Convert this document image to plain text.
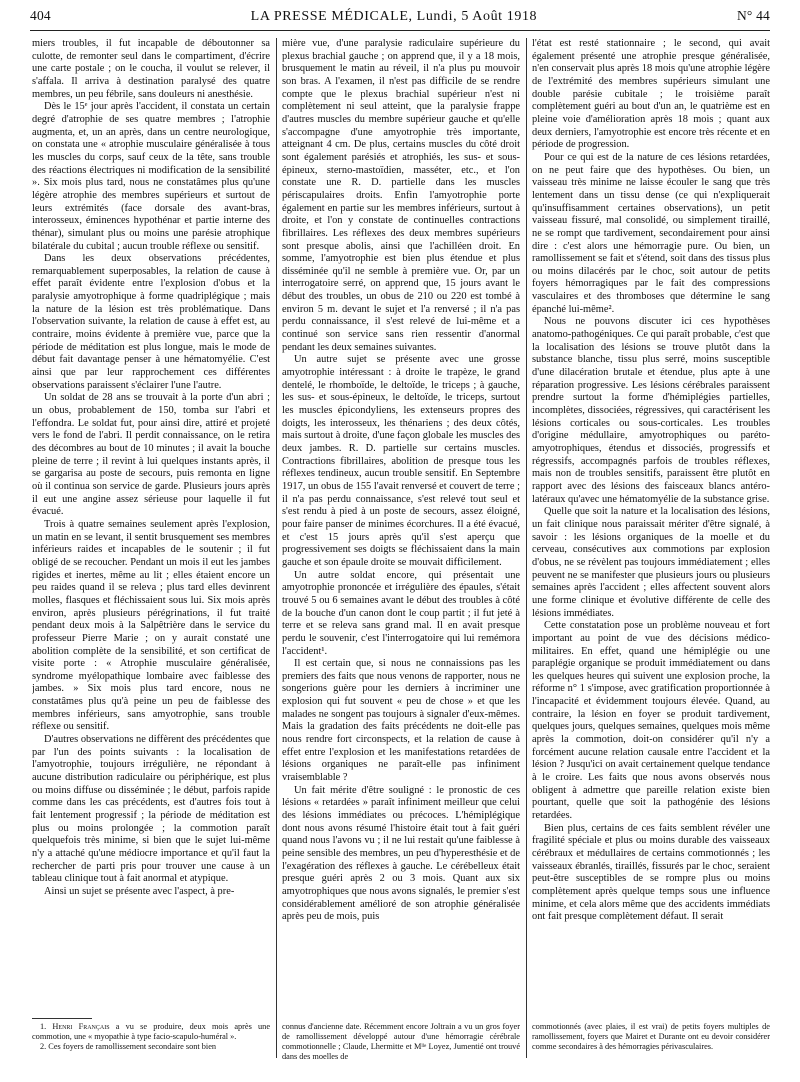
404	LA PRESSE MÉDICALE, Lundi, 5 Août 1918	N° 44

miers troubles, il fut incapable de déboutonner sa culotte, de remonter seul dans le compartiment, d'écrire une carte postale ; on le coucha, il voulut se relever, il s'affala. Il arriva à destination paralysé des quatre membres, un peu fébrile, sans douleurs ni anesthésie.

Dès le 15ᵉ jour après l'accident, il constata un certain degré d'atrophie de ses quatre membres ; l'atrophie augmenta, et, un an après, dans un centre neurologique, on constata une « atrophie musculaire généralisée à tous les muscles du corps, sauf ceux de la tête, sans trouble des réactions électriques ni modification de la sensibilité ». Six mois plus tard, nous ne constatâmes plus qu'une légère atrophie des membres supérieurs et surtout de leurs extrémités (face dorsale des avant-bras, interosseux, éminences hypothénar et partie interne des thénar), simulant plus ou moins une parésie atrophique bilatérale du cubital ; aucun trouble réflexe ou sensitif.

Dans les deux observations précédentes, remarquablement superposables, la relation de cause à effet paraît évidente entre l'explosion d'obus et la paralysie amyotrophique à forme quadriplégique ; mais la nature de la lésion est très problématique. Dans l'observation suivante, la relation de cause à effet est, au contraire, moins évidente à première vue, parce que la période de méditation est plus longue, mais le mode de début fait davantage penser à une hématomyélie. C'est ainsi que par leur rapprochement ces différentes observations paraissent s'éclairer l'une l'autre.

Un soldat de 28 ans se trouvait à la porte d'un abri ; un obus, probablement de 150, tomba sur l'abri et l'effondra. Le soldat fut, pour ainsi dire, attiré et projeté vers le fond de l'abri. Il perdit connaissance, on le retira des décombres au bout de 10 minutes ; il avait la bouche pleine de terre ; il revint à lui quelques instants après, il se gargarisa au poste de secours, puis remonta en ligne où il continua son service de garde. Plusieurs jours après il eut une angine assez sérieuse pour laquelle il fut évacué.

Trois à quatre semaines seulement après l'explosion, un matin en se levant, il sentit brusquement ses membres inférieurs raides et incapables de le soutenir ; il fut obligé de se recoucher. Pendant un mois il eut les jambes rigides et inertes, même au lit ; elles étaient encore un peu raides quand il se releva ; plus tard elles devinrent molles, flasques et fléchissaient sous lui. Six mois après environ, après plusieurs pérégrinations, il fut traité pendant deux mois à la Salpêtrière dans le service du professeur Pierre Marie ; on y aurait constaté une abolition complète de la sensibilité, et son certificat de visite porte : « Atrophie musculaire généralisée, syndrome myélopathique lombaire avec faiblesse des jambes. » Six mois plus tard encore, nous ne constatâmes plus qu'à peine un peu de faiblesse des membres inférieurs, sans amyotrophie, sans trouble réflexe ou sensitif.

D'autres observations ne diffèrent des précédentes que par l'un des points suivants : la localisation de l'amyotrophie, toujours irrégulière, ne répondant à aucune distribution radiculaire ou périphérique, est plus ou moins diffuse ou disséminée ; le début, parfois rapide comme dans les cas précédents, est d'autres fois tout à fait lentement progressif ; la période de méditation est plus ou moins prolongée ; la commotion paraît quelquefois très minime, si bien que le sujet lui-même n'y a attaché qu'une médiocre importance et qu'il faut la rechercher de parti pris pour trouver une cause à un tableau clinique tout à fait anormal et atypique.

Ainsi un sujet se présente avec l'aspect, à pre-

mière vue, d'une paralysie radiculaire supérieure du plexus brachial gauche ; on apprend que, il y a 18 mois, brusquement le matin au réveil, il n'a plus pu mouvoir son bras. A l'examen, il n'est pas difficile de se rendre compte que le plexus brachial supérieur n'est ni complètement ni seul atteint, que la paralysie frappe d'autres muscles du membre supérieur gauche et qu'elle s'accompagne d'une amyotrophie très importante, atteignant 4 cm. De plus, certains muscles du côté droit sont également parésiés et atrophiés, les sus- et sous-épineux, sterno-mastoïdien, masséter, etc., et l'on constate une R. D. partielle dans les muscles périscapulaires droits. Enfin l'amyotrophie porte également en partie sur les membres inférieurs, surtout à droite, et l'on y constate de continuelles contractions fibrillaires. Les réflexes des deux membres supérieurs sont presque abolis, ainsi que l'achilléen droit. En somme, l'amyotrophie est bien plus étendue et plus disséminée qu'il ne semble à première vue. Or, par un interrogatoire serré, on apprend que, 15 jours avant le début des troubles, un obus de 210 ou 220 est tombé à environ 5 m. devant le sujet et l'a renversé ; il n'a pas perdu connaissance, il s'est relevé de lui-même et a continué son service sans rien ressentir d'anormal pendant les deux semaines suivantes.

Un autre sujet se présente avec une grosse amyotrophie intéressant : à droite le trapèze, le grand dentelé, le rhomboïde, le deltoïde, le triceps ; à gauche, les sus- et sous-épineux, le deltoïde, le triceps, surtout les muscles épicondyliens, les extenseurs propres des doigts, les interosseux, les thénariens ; des deux côtés, mais surtout à droite, d'une façon globale les muscles des deux jambes. R. D. partielle sur certains muscles. Contractions fibrillaires, abolition de presque tous les réflexes tendineux, aucun trouble sensitif. En Septembre 1917, un obus de 155 l'avait renversé et couvert de terre ; il n'a pas perdu connaissance, s'est relevé tout seul et s'est rendu à pied à un poste de secours, assez éloigné, pour faire panser de minimes écorchures. Il a été évacué, et c'est 15 jours après qu'il s'est aperçu que progressivement ses doigts se fléchissaient dans la main gauche et son épaule droite se mouvait difficilement.

Un autre soldat encore, qui présentait une amyotrophie prononcée et irrégulière des épaules, s'était trouvé 5 ou 6 semaines avant le début des troubles à côté de la bouche d'un canon dont le coup partit ; il fut jeté à terre et se releva sans grand mal. Il en avait presque perdu le souvenir, c'est l'interrogatoire qui lui remémora l'accident¹.

Il est certain que, si nous ne connaissions pas les premiers des faits que nous venons de rapporter, nous ne songerions guère pour les derniers à incriminer une explosion qui fut souvent « peu de chose » et que les malades ne songent pas toujours à signaler d'eux-mêmes. Mais la gradation des faits précédents ne doit-elle pas nous rendre fort circonspects, et la relation de cause à effet entre l'explosion et les manifestations retardées de lésions organiques ne paraît-elle pas infiniment vraisemblable ?

Un fait mérite d'être souligné : le pronostic de ces lésions « retardées » paraît infiniment meilleur que celui des lésions immédiates ou précoces. L'hémiplégique dont nous avons résumé l'histoire était tout à fait guéri quand nous l'avons vu ; il ne lui restait qu'une faiblesse à peine sensible des membres, un peu d'hyperesthésie et de l'exagération des réflexes à gauche. Le cérébelleux était presque guéri après 2 ou 3 mois. Quant aux six amyotrophiques que nous avons signalés, le premier s'est considérablement amélioré de son atrophie généralisée après peu de mois, puis

l'état est resté stationnaire ; le second, qui avait également présenté une atrophie presque généralisée, n'en conservait plus après 18 mois qu'une atrophie légère de l'extrémité des membres supérieurs simulant une double parésie cubitale ; le troisième paraît complètement guéri au bout d'un an, le quatrième est en pleine voie d'amélioration après 18 mois ; quant aux deux derniers, l'amyotrophie est encore très récente et en période de progression.

Pour ce qui est de la nature de ces lésions retardées, on ne peut faire que des hypothèses. Ou bien, un vaisseau très minime ne laisse écouler le sang que très lentement dans un tissu dense (ce qui n'expliquerait qu'insuffisamment certaines observations), un petit vaisseau fissuré, mal consolidé, ou simplement tiraillé, ne se rompt que tardivement, secondairement pour ainsi dire : c'est alors une hémorragie pure. Ou bien, un ramollissement se fait et s'étend, soit dans des tissus plus ou moins dilacérés par le choc, soit autour de petits foyers hémorragiques par le fait des compressions vasculaires et des thromboses que détermine le sang épanché lui-même².

Nous ne pouvons discuter ici ces hypothèses anatomo-pathogéniques. Ce qui paraît probable, c'est que la localisation des lésions se trouve plutôt dans la substance blanche, tissu plus serré, moins susceptible d'une dilacération brutale et étendue, plus apte à une réparation progressive. Les lésions cérébrales paraissent prendre surtout la forme d'hémiplégies partielles, incomplètes, dissociées, régressives, qui caractérisent les lésions corticales ou sous-corticales. Les troubles d'origine médullaire, amyotrophiques ou paréto-amyotrophiques, étendus et dissociés, progressifs et régressifs, accompagnés parfois de troubles réflexes, mais non de troubles sensitifs, paraissent être plutôt en rapport avec des lésions des faisceaux blancs antéro-latéraux qu'avec une hématomyélie de la substance grise.

Quelle que soit la nature et la localisation des lésions, un fait clinique nous paraissait mériter d'être signalé, à savoir : les lésions organiques de la moelle et du cerveau, consécutives aux commotions par explosion d'obus, ne se révèlent pas toujours immédiatement ; elles peuvent ne se manifester que plusieurs jours ou plusieurs semaines après l'accident ; elles affectent souvent alors une forme clinique et évolutive différente de celle des lésions immédiates.

Cette constatation pose un problème nouveau et fort important au point de vue des décisions médico-militaires. En effet, quand une hémiplégie ou une paraplégie organique se produit immédiatement ou dans les quelques heures qui suivent une explosion proche, la réforme n° 1 s'impose, avec gratification proportionnée à l'incapacité et évidemment toujours élevée. Quand, au contraire, la lésion en foyer se produit tardivement, quelques jours, quelques semaines, quelques mois même après la commotion, doit-on considérer qu'il n'y a forcément aucune relation causale entre l'accident et la lésion ? Jusqu'ici on avait certainement quelque tendance à le croire. Les faits que nous avons observés nous obligent à admettre que pareille relation existe bien pourtant, quelle que soit la pathogénie des lésions retardées.

Bien plus, certains de ces faits semblent révéler une fragilité spéciale et plus ou moins durable des vaisseaux cérébraux et médullaires de certains commotionnés ; les vaisseaux ébranlés, tiraillés, fissurés par le choc, seraient peut-être susceptibles de se rompre plus ou moins complètement après quelque temps sous une influence minime, et cela alors même que des accidents immédiats ont fait presque complètement défaut. Il serait

1. Henri Français a vu se produire, deux mois après une commotion, une « myopathie à type facio-scapulo-huméral ».

2. Ces foyers de ramollissement secondaire sont bien

connus d'ancienne date. Récemment encore Joltrain a vu un gros foyer de ramollissement développé autour d'une hémorragie cérébrale commotionnelle ; Claude, Lhermitte et Mˡˡᵉ Loyez, Jumentié ont trouvé dans des moelles de

commotionnés (avec plaies, il est vrai) de petits foyers multiples de ramollissement, foyers que Mairet et Durante ont eu devoir considérer comme secondaires à des hémorragies périvasculaires.
